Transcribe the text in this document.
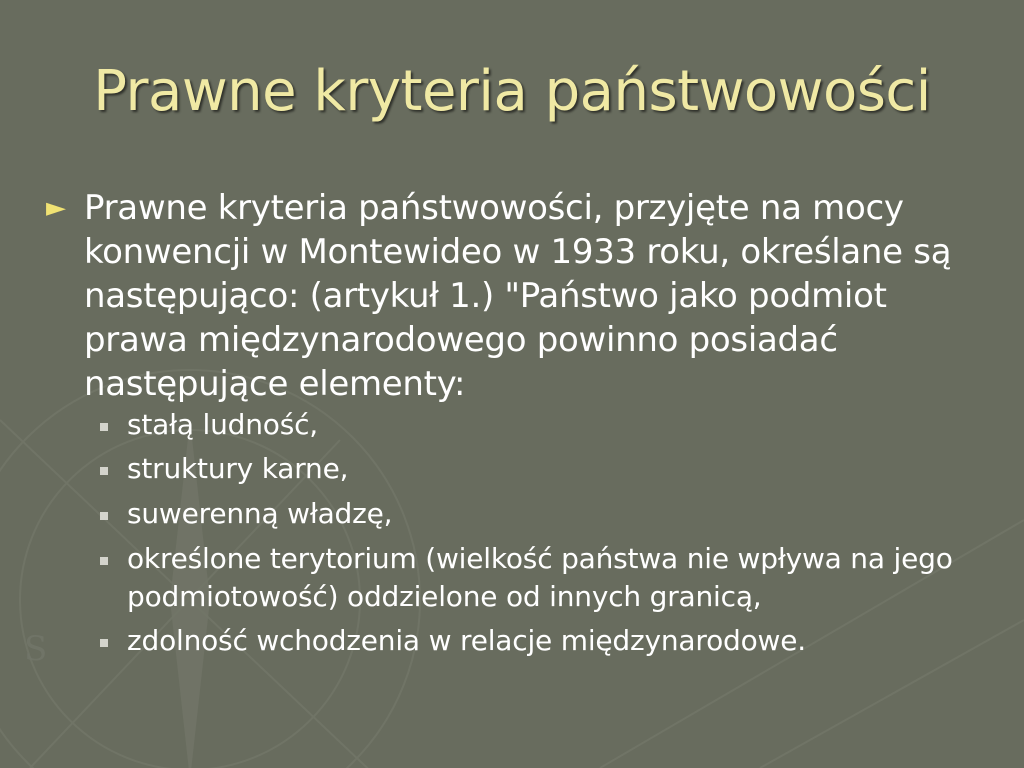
S
Prawne kryteria państwowości
► Prawne kryteria państwowości, przyjęte na mocy konwencji w Montewideo w 1933 roku, określane są następująco: (artykuł 1.) "Państwo jako podmiot prawa międzynarodowego powinno posiadać następujące elementy:
stałą ludność,
struktury karne,
suwerenną władzę,
określone terytorium (wielkość państwa nie wpływa na jego podmiotowość) oddzielone od innych granicą,
zdolność wchodzenia w relacje międzynarodowe.
